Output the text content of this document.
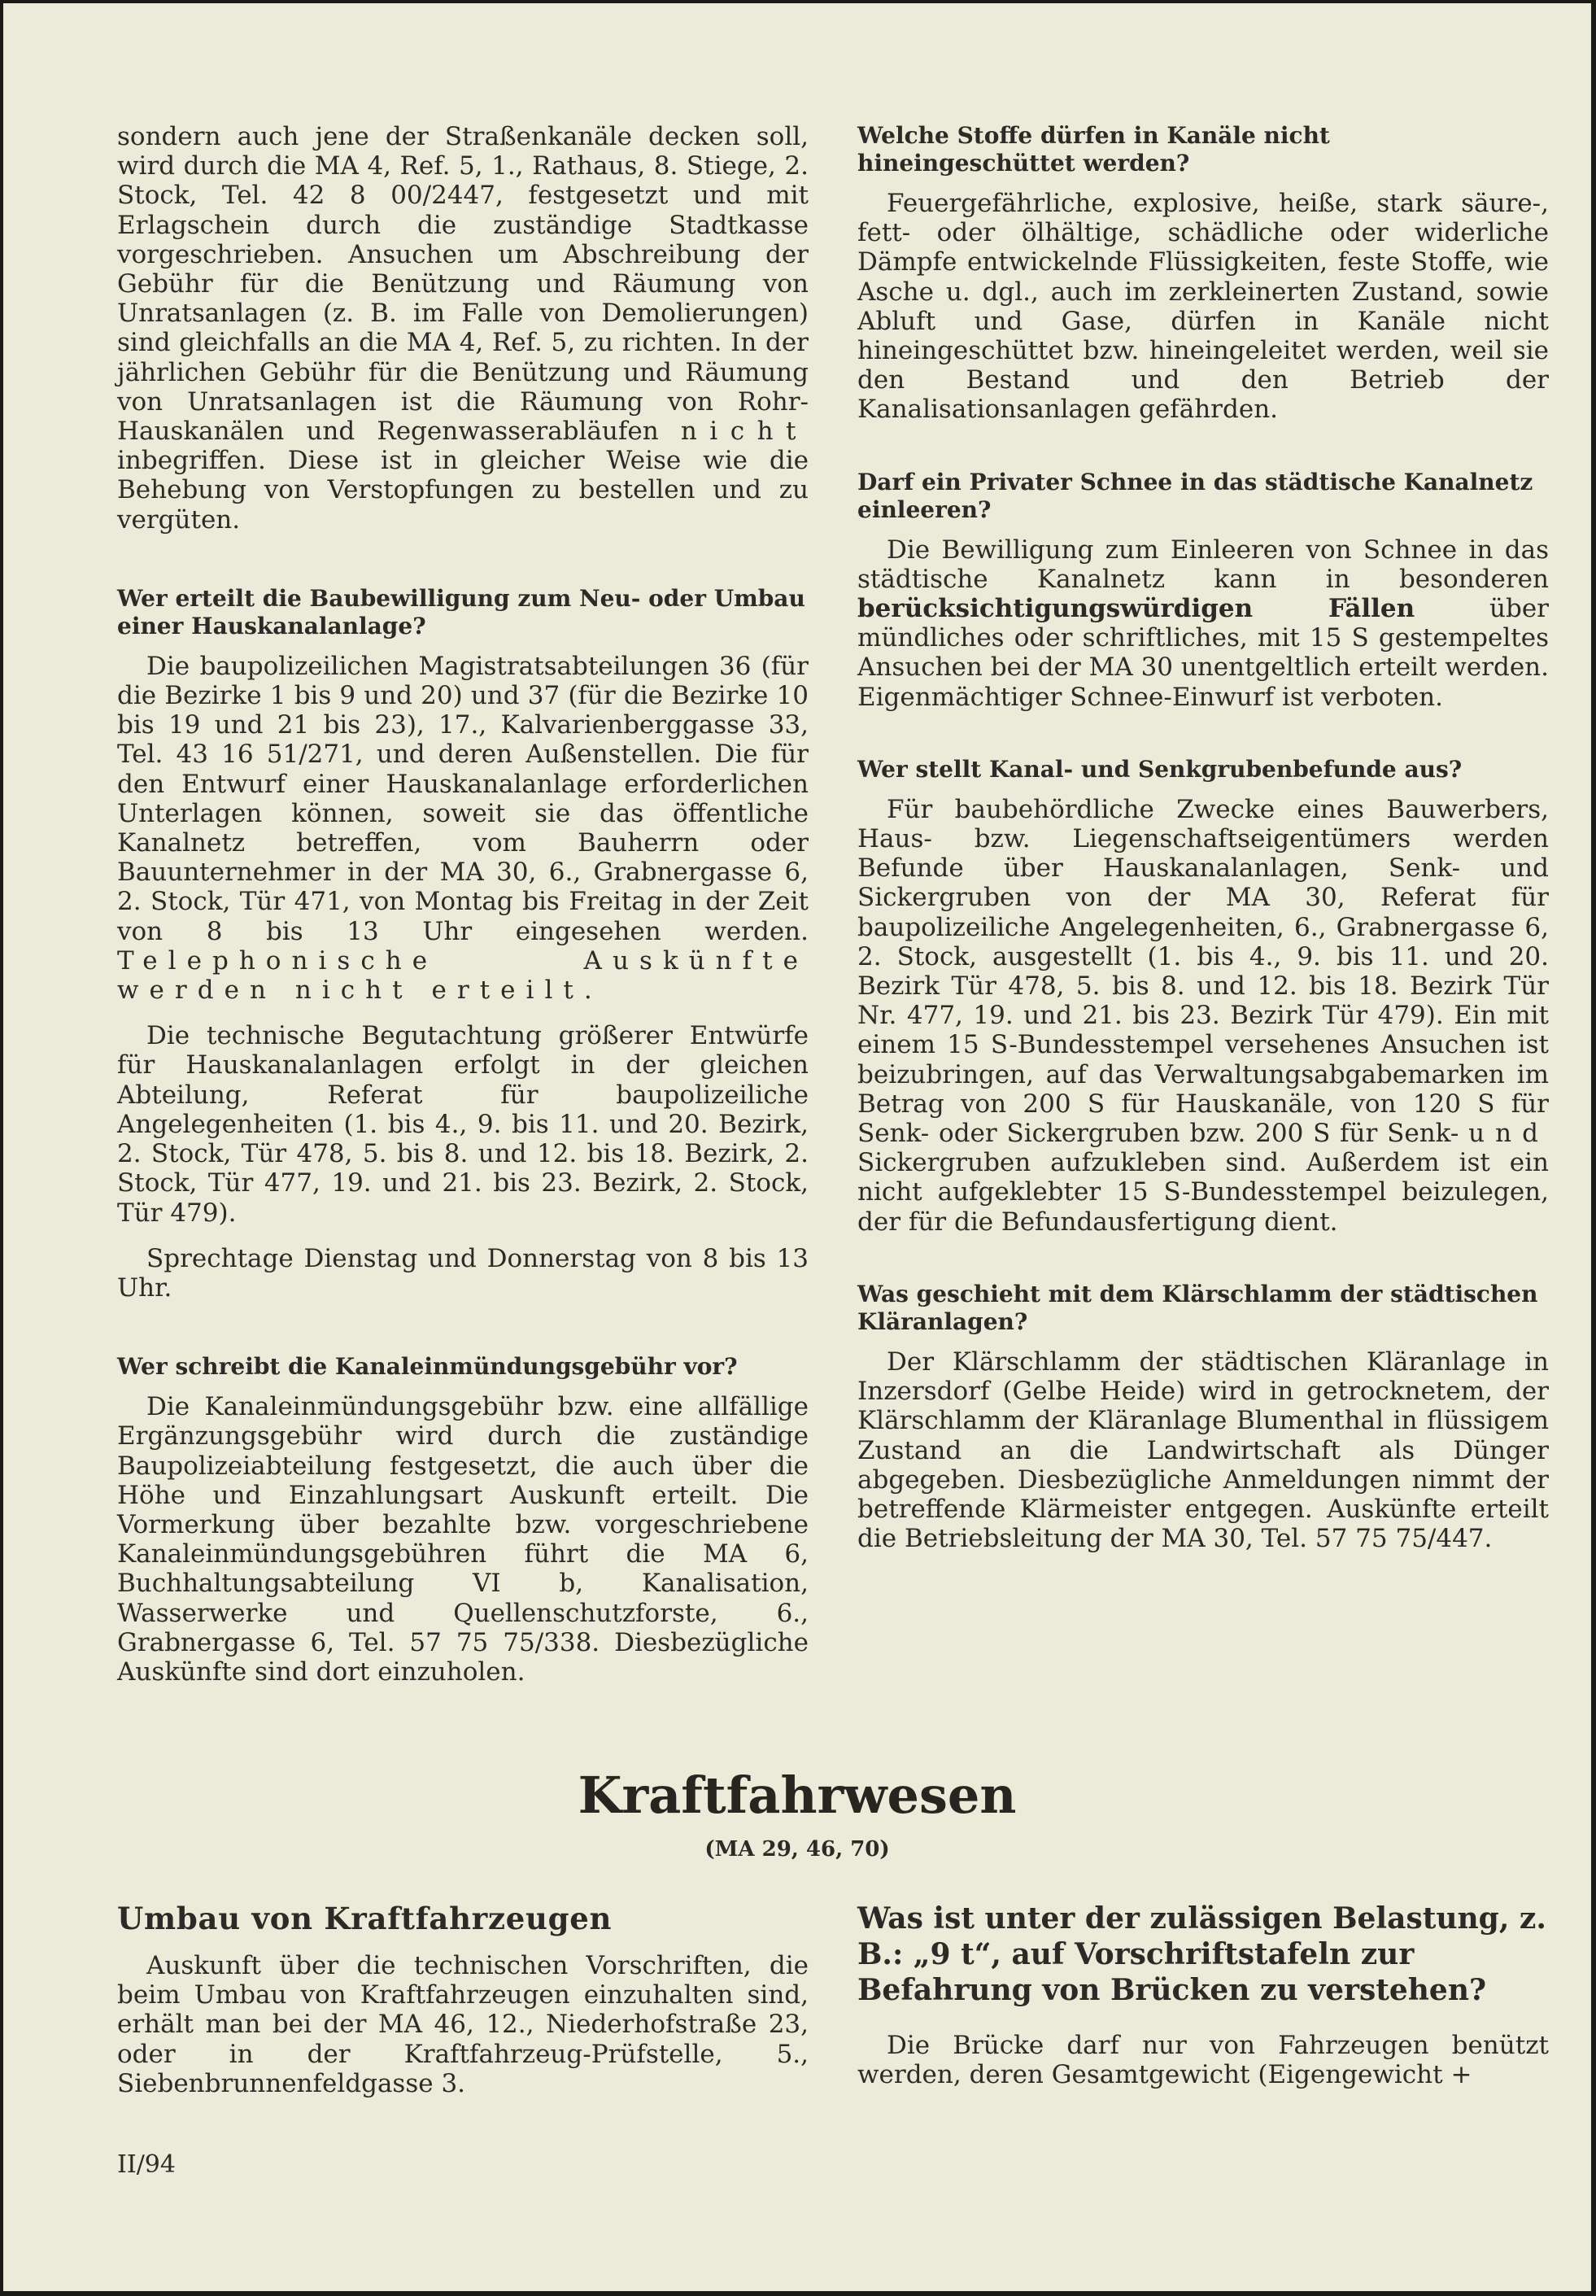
sondern auch jene der Straßenkanäle decken soll, wird durch die MA 4, Ref. 5, 1., Rathaus, 8. Stiege, 2. Stock, Tel. 42 8 00/2447, festgesetzt und mit Erlagschein durch die zuständige Stadtkasse vorgeschrieben. Ansuchen um Abschreibung der Gebühr für die Benützung und Räumung von Unratsanlagen (z. B. im Falle von Demolierungen) sind gleichfalls an die MA 4, Ref. 5, zu richten. In der jährlichen Gebühr für die Benützung und Räumung von Unratsanlagen ist die Räumung von Rohr-Hauskanälen und Regenwasserabläufen nicht inbegriffen. Diese ist in gleicher Weise wie die Behebung von Verstopfungen zu bestellen und zu vergüten.

Wer erteilt die Baubewilligung zum Neu- oder Umbau einer Hauskanalanlage?

Die baupolizeilichen Magistratsabteilungen 36 (für die Bezirke 1 bis 9 und 20) und 37 (für die Bezirke 10 bis 19 und 21 bis 23), 17., Kalvarienberggasse 33, Tel. 43 16 51/271, und deren Außenstellen. Die für den Entwurf einer Hauskanalanlage erforderlichen Unterlagen können, soweit sie das öffentliche Kanalnetz betreffen, vom Bauherrn oder Bauunternehmer in der MA 30, 6., Grabnergasse 6, 2. Stock, Tür 471, von Montag bis Freitag in der Zeit von 8 bis 13 Uhr eingesehen werden. Telephonische Auskünfte werden nicht erteilt.

Die technische Begutachtung größerer Entwürfe für Hauskanalanlagen erfolgt in der gleichen Abteilung, Referat für baupolizeiliche Angelegenheiten (1. bis 4., 9. bis 11. und 20. Bezirk, 2. Stock, Tür 478, 5. bis 8. und 12. bis 18. Bezirk, 2. Stock, Tür 477, 19. und 21. bis 23. Bezirk, 2. Stock, Tür 479).

Sprechtage Dienstag und Donnerstag von 8 bis 13 Uhr.

Wer schreibt die Kanaleinmündungsgebühr vor?

Die Kanaleinmündungsgebühr bzw. eine allfällige Ergänzungsgebühr wird durch die zuständige Baupolizeiabteilung festgesetzt, die auch über die Höhe und Einzahlungsart Auskunft erteilt. Die Vormerkung über bezahlte bzw. vorgeschriebene Kanaleinmündungsgebühren führt die MA 6, Buchhaltungsabteilung VI b, Kanalisation, Wasserwerke und Quellenschutzforste, 6., Grabnergasse 6, Tel. 57 75 75/338. Diesbezügliche Auskünfte sind dort einzuholen.

Welche Stoffe dürfen in Kanäle nicht hineingeschüttet werden?

Feuergefährliche, explosive, heiße, stark säure-, fett- oder ölhältige, schädliche oder widerliche Dämpfe entwickelnde Flüssigkeiten, feste Stoffe, wie Asche u. dgl., auch im zerkleinerten Zustand, sowie Abluft und Gase, dürfen in Kanäle nicht hineingeschüttet bzw. hineingeleitet werden, weil sie den Bestand und den Betrieb der Kanalisationsanlagen gefährden.

Darf ein Privater Schnee in das städtische Kanalnetz einleeren?

Die Bewilligung zum Einleeren von Schnee in das städtische Kanalnetz kann in besonderen berücksichtigungswürdigen Fällen	über mündliches oder schriftliches, mit 15 S gestempeltes Ansuchen bei der MA 30 unentgeltlich erteilt werden. Eigenmächtiger Schnee-Einwurf ist verboten.

Wer stellt Kanal- und Senkgrubenbefunde aus?

Für baubehördliche Zwecke eines Bauwerbers, Haus- bzw. Liegenschaftseigentümers werden Befunde über Hauskanalanlagen, Senk- und Sickergruben von der MA 30, Referat für baupolizeiliche Angelegenheiten, 6., Grabnergasse 6, 2. Stock, ausgestellt (1. bis 4., 9. bis 11. und 20. Bezirk Tür 478, 5. bis 8. und 12. bis 18. Bezirk Tür Nr. 477, 19. und 21. bis 23. Bezirk Tür 479). Ein mit einem 15 S-Bundesstempel versehenes Ansuchen ist beizubringen, auf das Verwaltungsabgabemarken im Betrag von 200 S für Hauskanäle, von 120 S für Senk- oder Sickergruben bzw. 200 S für Senk- und Sickergruben aufzukleben sind. Außerdem ist ein nicht aufgeklebter 15 S-Bundesstempel beizulegen, der für die Befundausfertigung dient.

Was geschieht mit dem Klärschlamm der städtischen Kläranlagen?

Der Klärschlamm der städtischen Kläranlage in Inzersdorf (Gelbe Heide) wird in getrocknetem, der Klärschlamm der Kläranlage Blumenthal in flüssigem Zustand an die Landwirtschaft als Dünger abgegeben. Diesbezügliche Anmeldungen nimmt der betreffende Klärmeister entgegen. Auskünfte erteilt die Betriebsleitung der MA 30, Tel. 57 75 75/447.

Kraftfahrwesen
(MA 29, 46, 70)
Umbau von Kraftfahrzeugen

Auskunft über die technischen Vorschriften, die beim Umbau von Kraftfahrzeugen einzuhalten sind, erhält man bei der MA 46, 12., Niederhofstraße 23, oder in der Kraftfahrzeug-Prüfstelle, 5., Siebenbrunnenfeldgasse 3.

Was ist unter der zulässigen Belastung, z. B.: „9 t“, auf Vorschriftstafeln zur Befahrung von Brücken zu verstehen?

Die Brücke darf nur von Fahrzeugen benützt werden, deren Gesamtgewicht (Eigengewicht +

II/94
